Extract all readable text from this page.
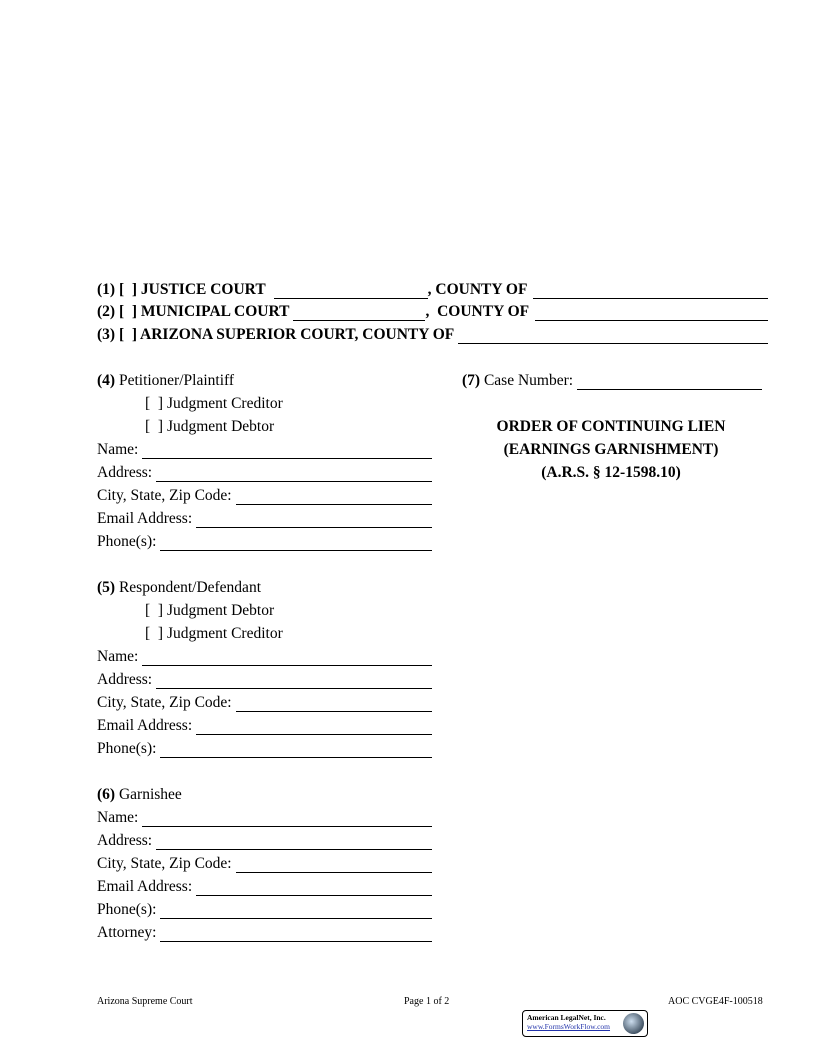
(1) [  ] JUSTICE COURT	, COUNTY OF
(2) [  ] MUNICIPAL COURT	,  COUNTY OF
(3) [  ] ARIZONA SUPERIOR COURT, COUNTY OF
(7) Case Number:
ORDER OF CONTINUING LIEN
(EARNINGS GARNISHMENT)
(A.R.S. § 12-1598.10)
Arizona Supreme Court	Page 1 of 2	AOC CVGE4F-100518
American LegalNet, Inc.
www.FormsWorkFlow.com
(4) Petitioner/Plaintiff
[  ] Judgment Creditor
[  ] Judgment Debtor
Name:
Address:
City, State, Zip Code:
Email Address:
Phone(s):
(5) Respondent/Defendant
[  ] Judgment Debtor
[  ] Judgment Creditor
Name:
Address:
City, State, Zip Code:
Email Address:
Phone(s):
(6) Garnishee
Name:
Address:
City, State, Zip Code:
Email Address:
Phone(s):
Attorney:
